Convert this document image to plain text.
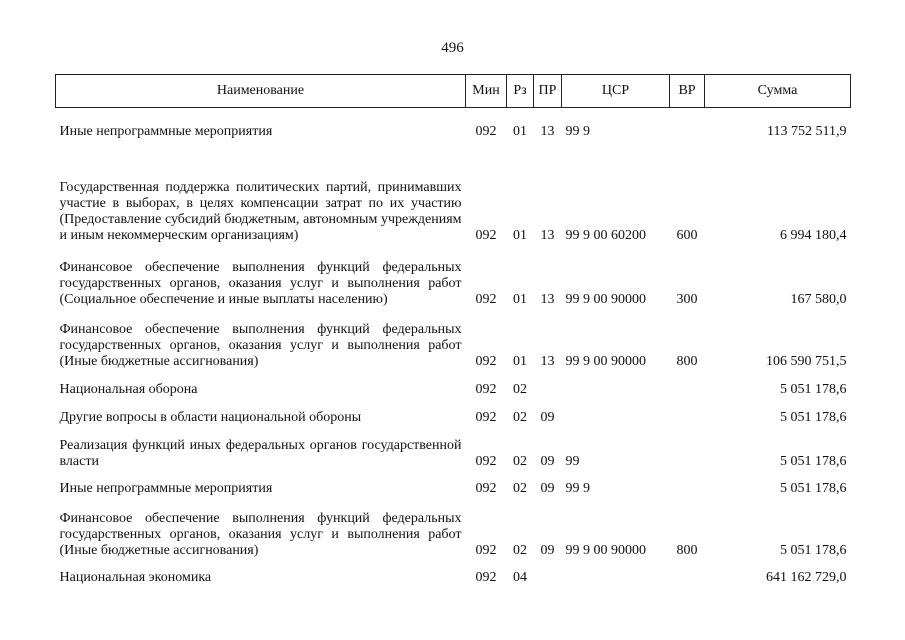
496
Наименование	Мин	Рз	ПР	ЦСР	ВР	Сумма
Иные непрограммные мероприятия	092	01	13	99 9		113 752 511,9
Государственная поддержка политических партий, принимавших участие в выборах, в целях компенсации затрат по их участию (Предоставление субсидий бюджетным, автономным учреждениям и иным некоммерческим организациям)	092	01	13	99 9 00 60200	600	6 994 180,4
Финансовое обеспечение выполнения функций федеральных государственных органов, оказания услуг и выполнения работ (Социальное обеспечение и иные выплаты населению)	092	01	13	99 9 00 90000	300	167 580,0
Финансовое обеспечение выполнения функций федеральных государственных органов, оказания услуг и выполнения работ (Иные бюджетные ассигнования)	092	01	13	99 9 00 90000	800	106 590 751,5
Национальная оборона	092	02				5 051 178,6
Другие вопросы в области национальной обороны	092	02	09			5 051 178,6
Реализация функций иных федеральных органов государственной власти	092	02	09	99		5 051 178,6
Иные непрограммные мероприятия	092	02	09	99 9		5 051 178,6
Финансовое обеспечение выполнения функций федеральных государственных органов, оказания услуг и выполнения работ (Иные бюджетные ассигнования)	092	02	09	99 9 00 90000	800	5 051 178,6
Национальная экономика	092	04				641 162 729,0
